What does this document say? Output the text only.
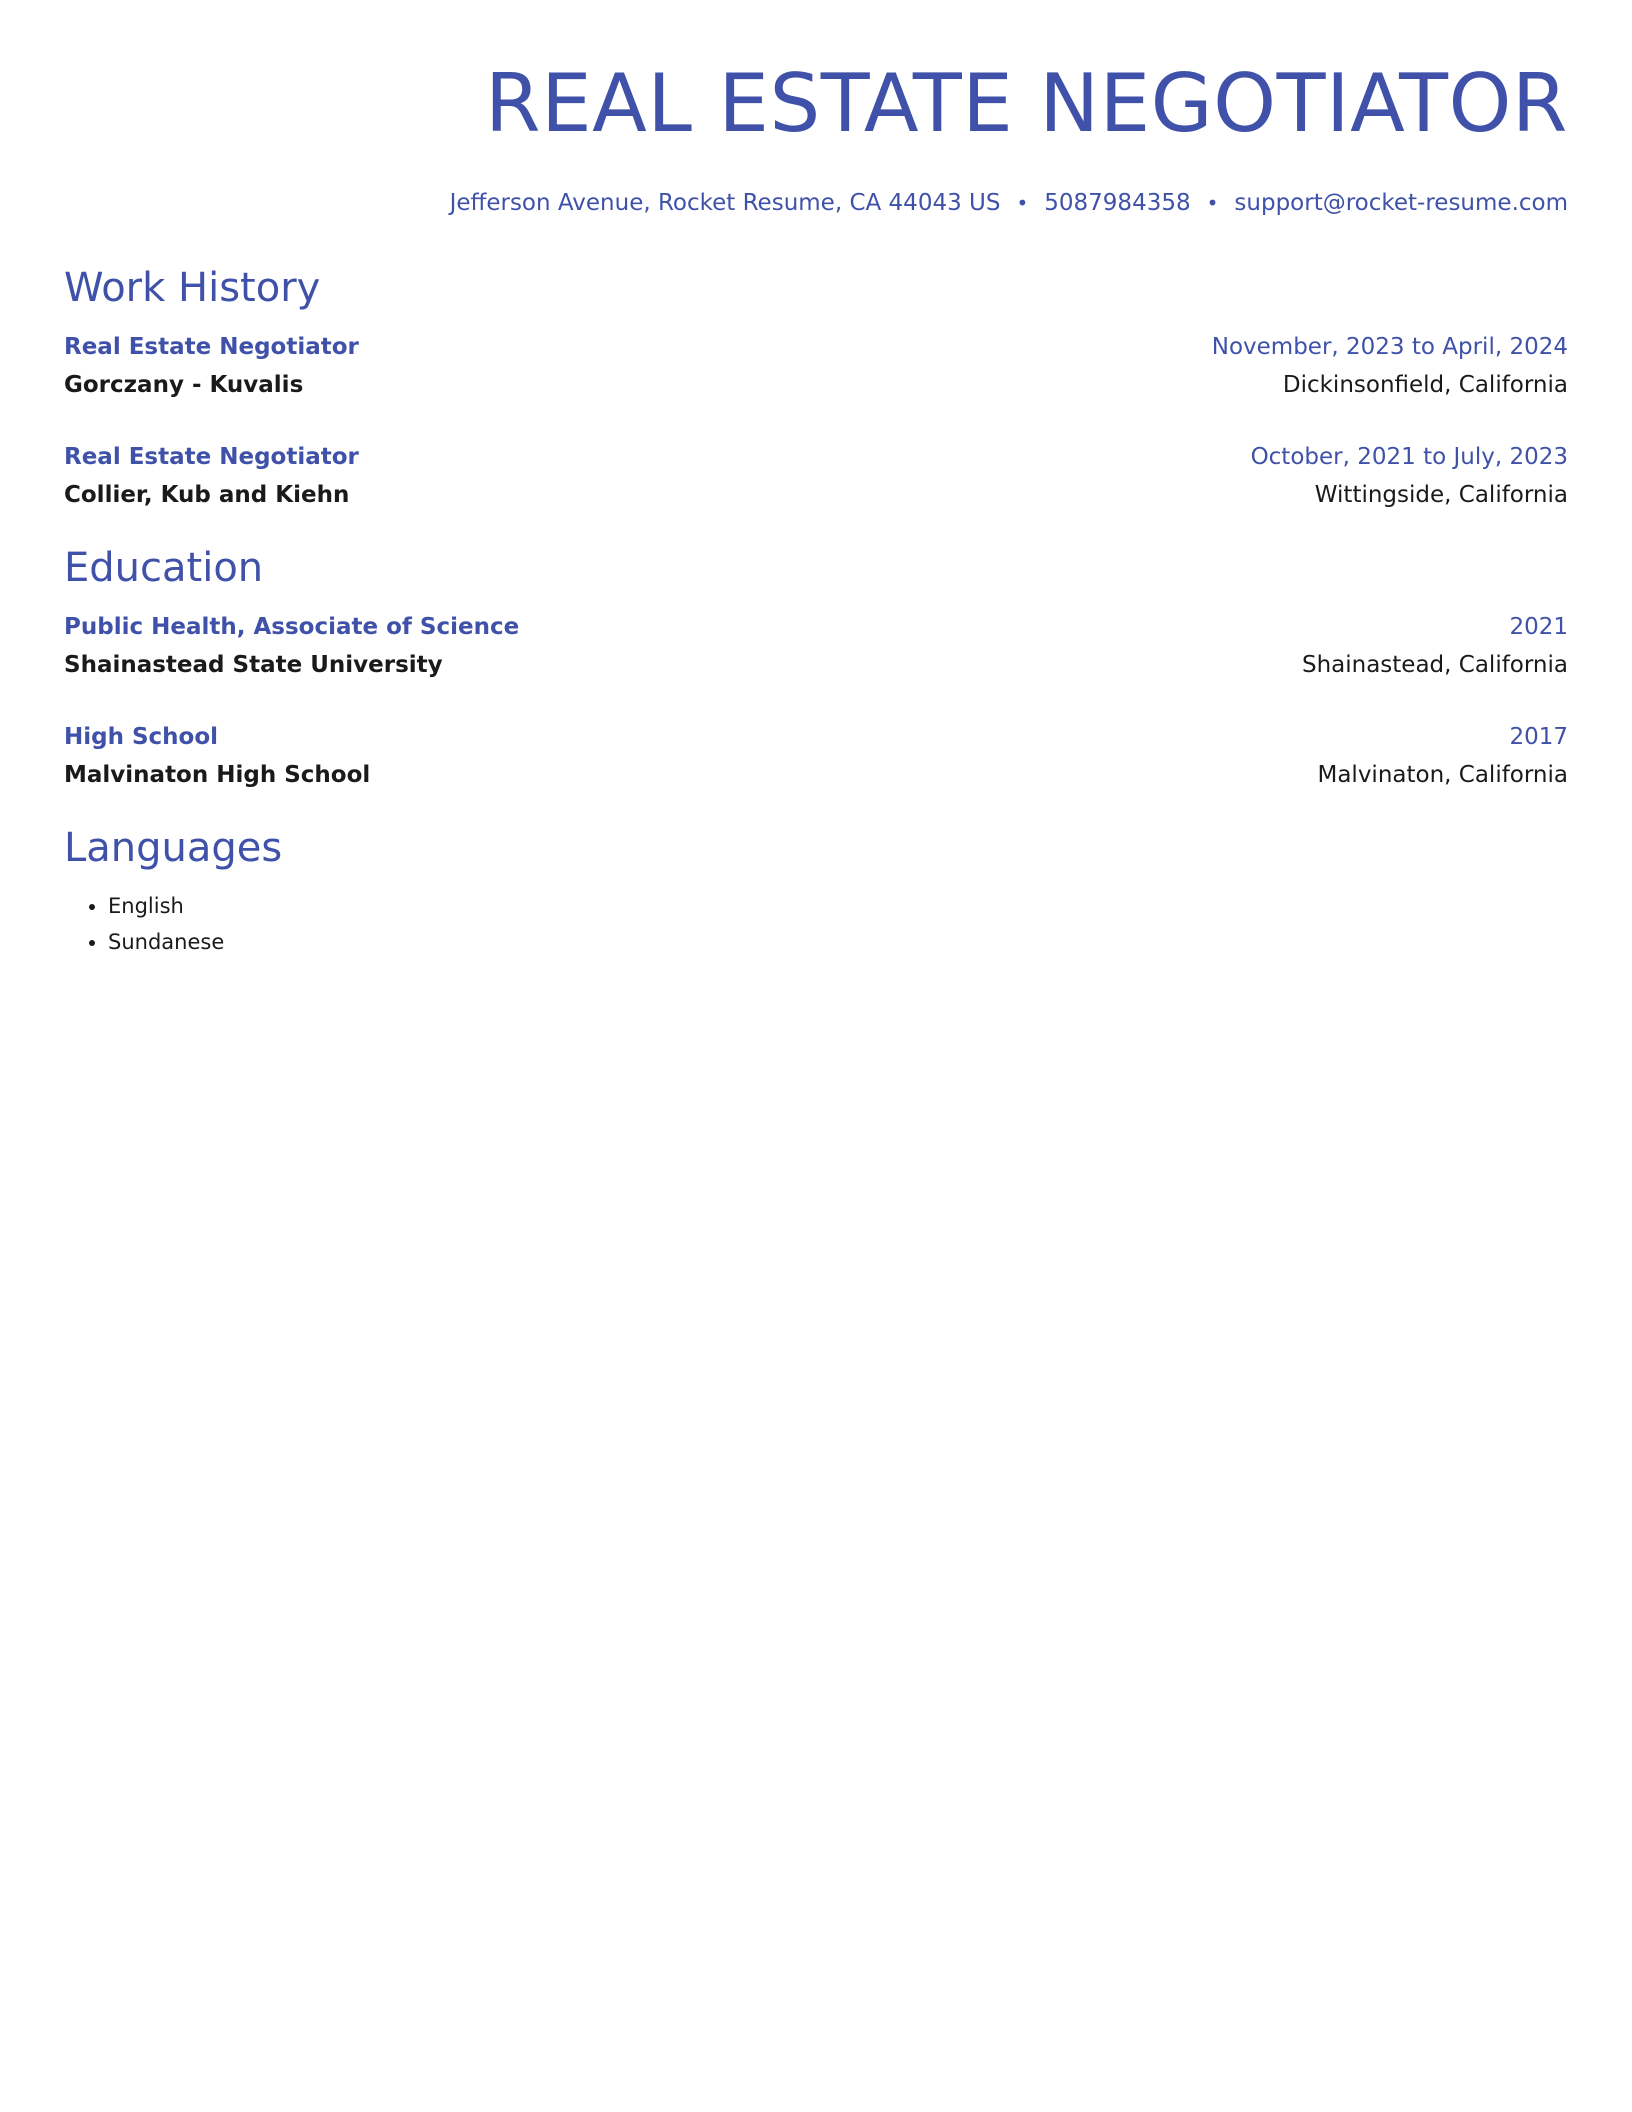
REAL ESTATE NEGOTIATOR
Jefferson Avenue, Rocket Resume, CA 44043 US • 5087984358 • support@rocket-resume.com
Work History
Real Estate Negotiator	November, 2023 to April, 2024
Gorczany - Kuvalis	Dickinsonfield, California
Real Estate Negotiator	October, 2021 to July, 2023
Collier, Kub and Kiehn	Wittingside, California
Education
Public Health, Associate of Science	2021
Shainastead State University	Shainastead, California
High School	2017
Malvinaton High School	Malvinaton, California
Languages
• English
• Sundanese
